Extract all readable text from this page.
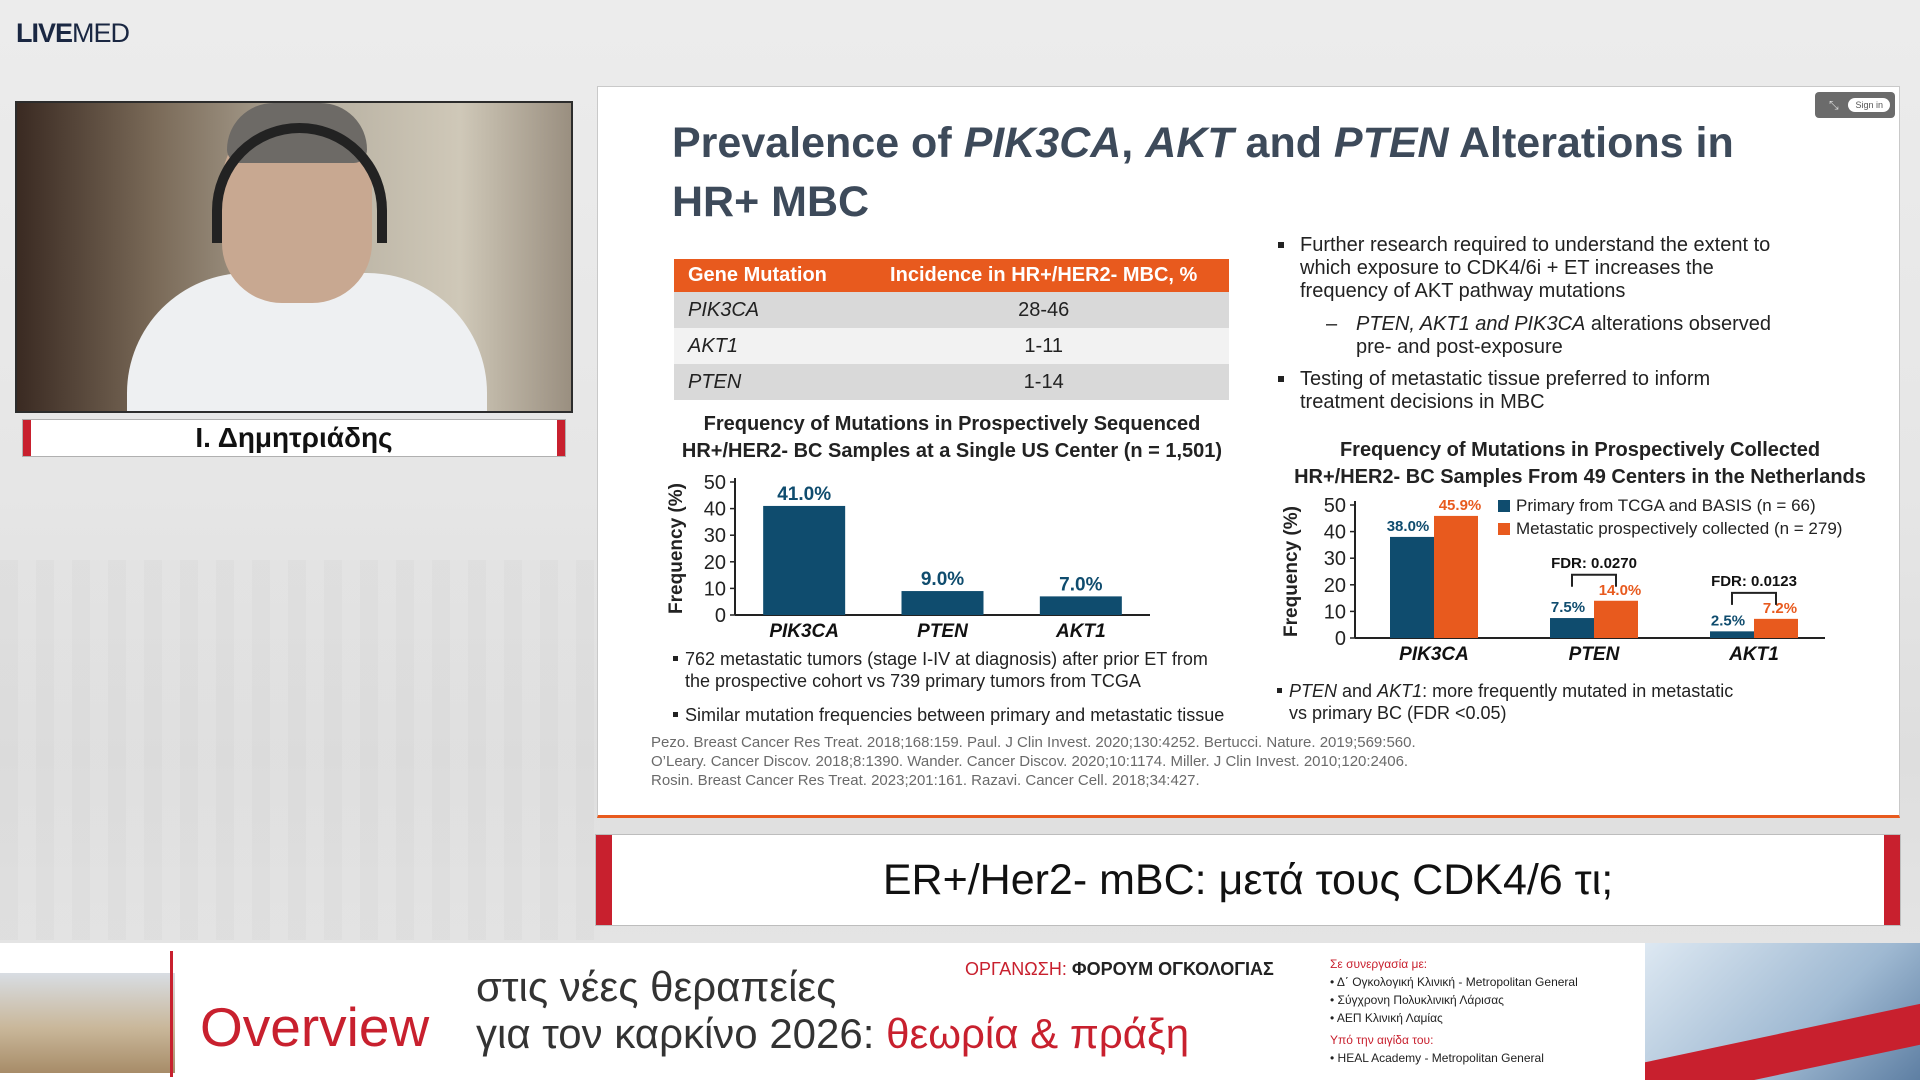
LIVEMED
Ι. Δημητριάδης
⤡	Sign in
Prevalence of PIK3CA, AKT and PTEN Alterations in HR+ MBC
Gene Mutation	Incidence in HR+/HER2- MBC, %
PIK3CA	28-46
AKT1	1-11
PTEN	1-14
Frequency of Mutations in Prospectively Sequenced
HR+/HER2- BC Samples at a Single US Center (n = 1,501)
0
10
20
30
40
50
Frequency (%)	41.0%
PIK3CA
9.0%
PTEN
7.0%
AKT1
762 metastatic tumors (stage I-IV at diagnosis) after prior ET from
the prospective cohort vs 739 primary tumors from TCGA
Similar mutation frequencies between primary and metastatic tissue
Further research required to understand the extent to
which exposure to CDK4/6i + ET increases the
frequency of AKT pathway mutations
– PTEN, AKT1 and PIK3CA alterations observed
pre- and post-exposure
Testing of metastatic tissue preferred to inform
treatment decisions in MBC
Frequency of Mutations in Prospectively Collected
HR+/HER2- BC Samples From 49 Centers in the Netherlands
0
10
20
30
40
50
Frequency (%)	38.0%
45.9%
PIK3CA
7.5%
14.0%
PTEN
FDR: 0.0270
2.5%
7.2%
AKT1
FDR: 0.0123
Primary from TCGA and BASIS (n = 66)
Metastatic prospectively collected (n = 279)
PTEN and AKT1: more frequently mutated in metastatic
vs primary BC (FDR <0.05)
Pezo. Breast Cancer Res Treat. 2018;168:159. Paul. J Clin Invest. 2020;130:4252. Bertucci. Nature. 2019;569:560.
O’Leary. Cancer Discov. 2018;8:1390. Wander. Cancer Discov. 2020;10:1174. Miller. J Clin Invest. 2010;120:2406.
Rosin. Breast Cancer Res Treat. 2023;201:161. Razavi. Cancer Cell. 2018;34:427.
ER+/Her2- mBC: μετά τους CDK4/6 τι;
Overview
στις νέες θεραπείες
για τον καρκίνο 2026: θεωρία & πράξη
ΟΡΓΑΝΩΣΗ: ΦΟΡΟΥΜ ΟΓΚΟΛΟΓΙΑΣ	Σε συνεργασία με:
• Δ΄ Ογκολογική Κλινική - Metropolitan General
• Σύγχρονη Πολυκλινική Λάρισας
• ΑΕΠ Κλινική Λαμίας
Υπό την αιγίδα του:
• HEAL Academy - Metropolitan General
